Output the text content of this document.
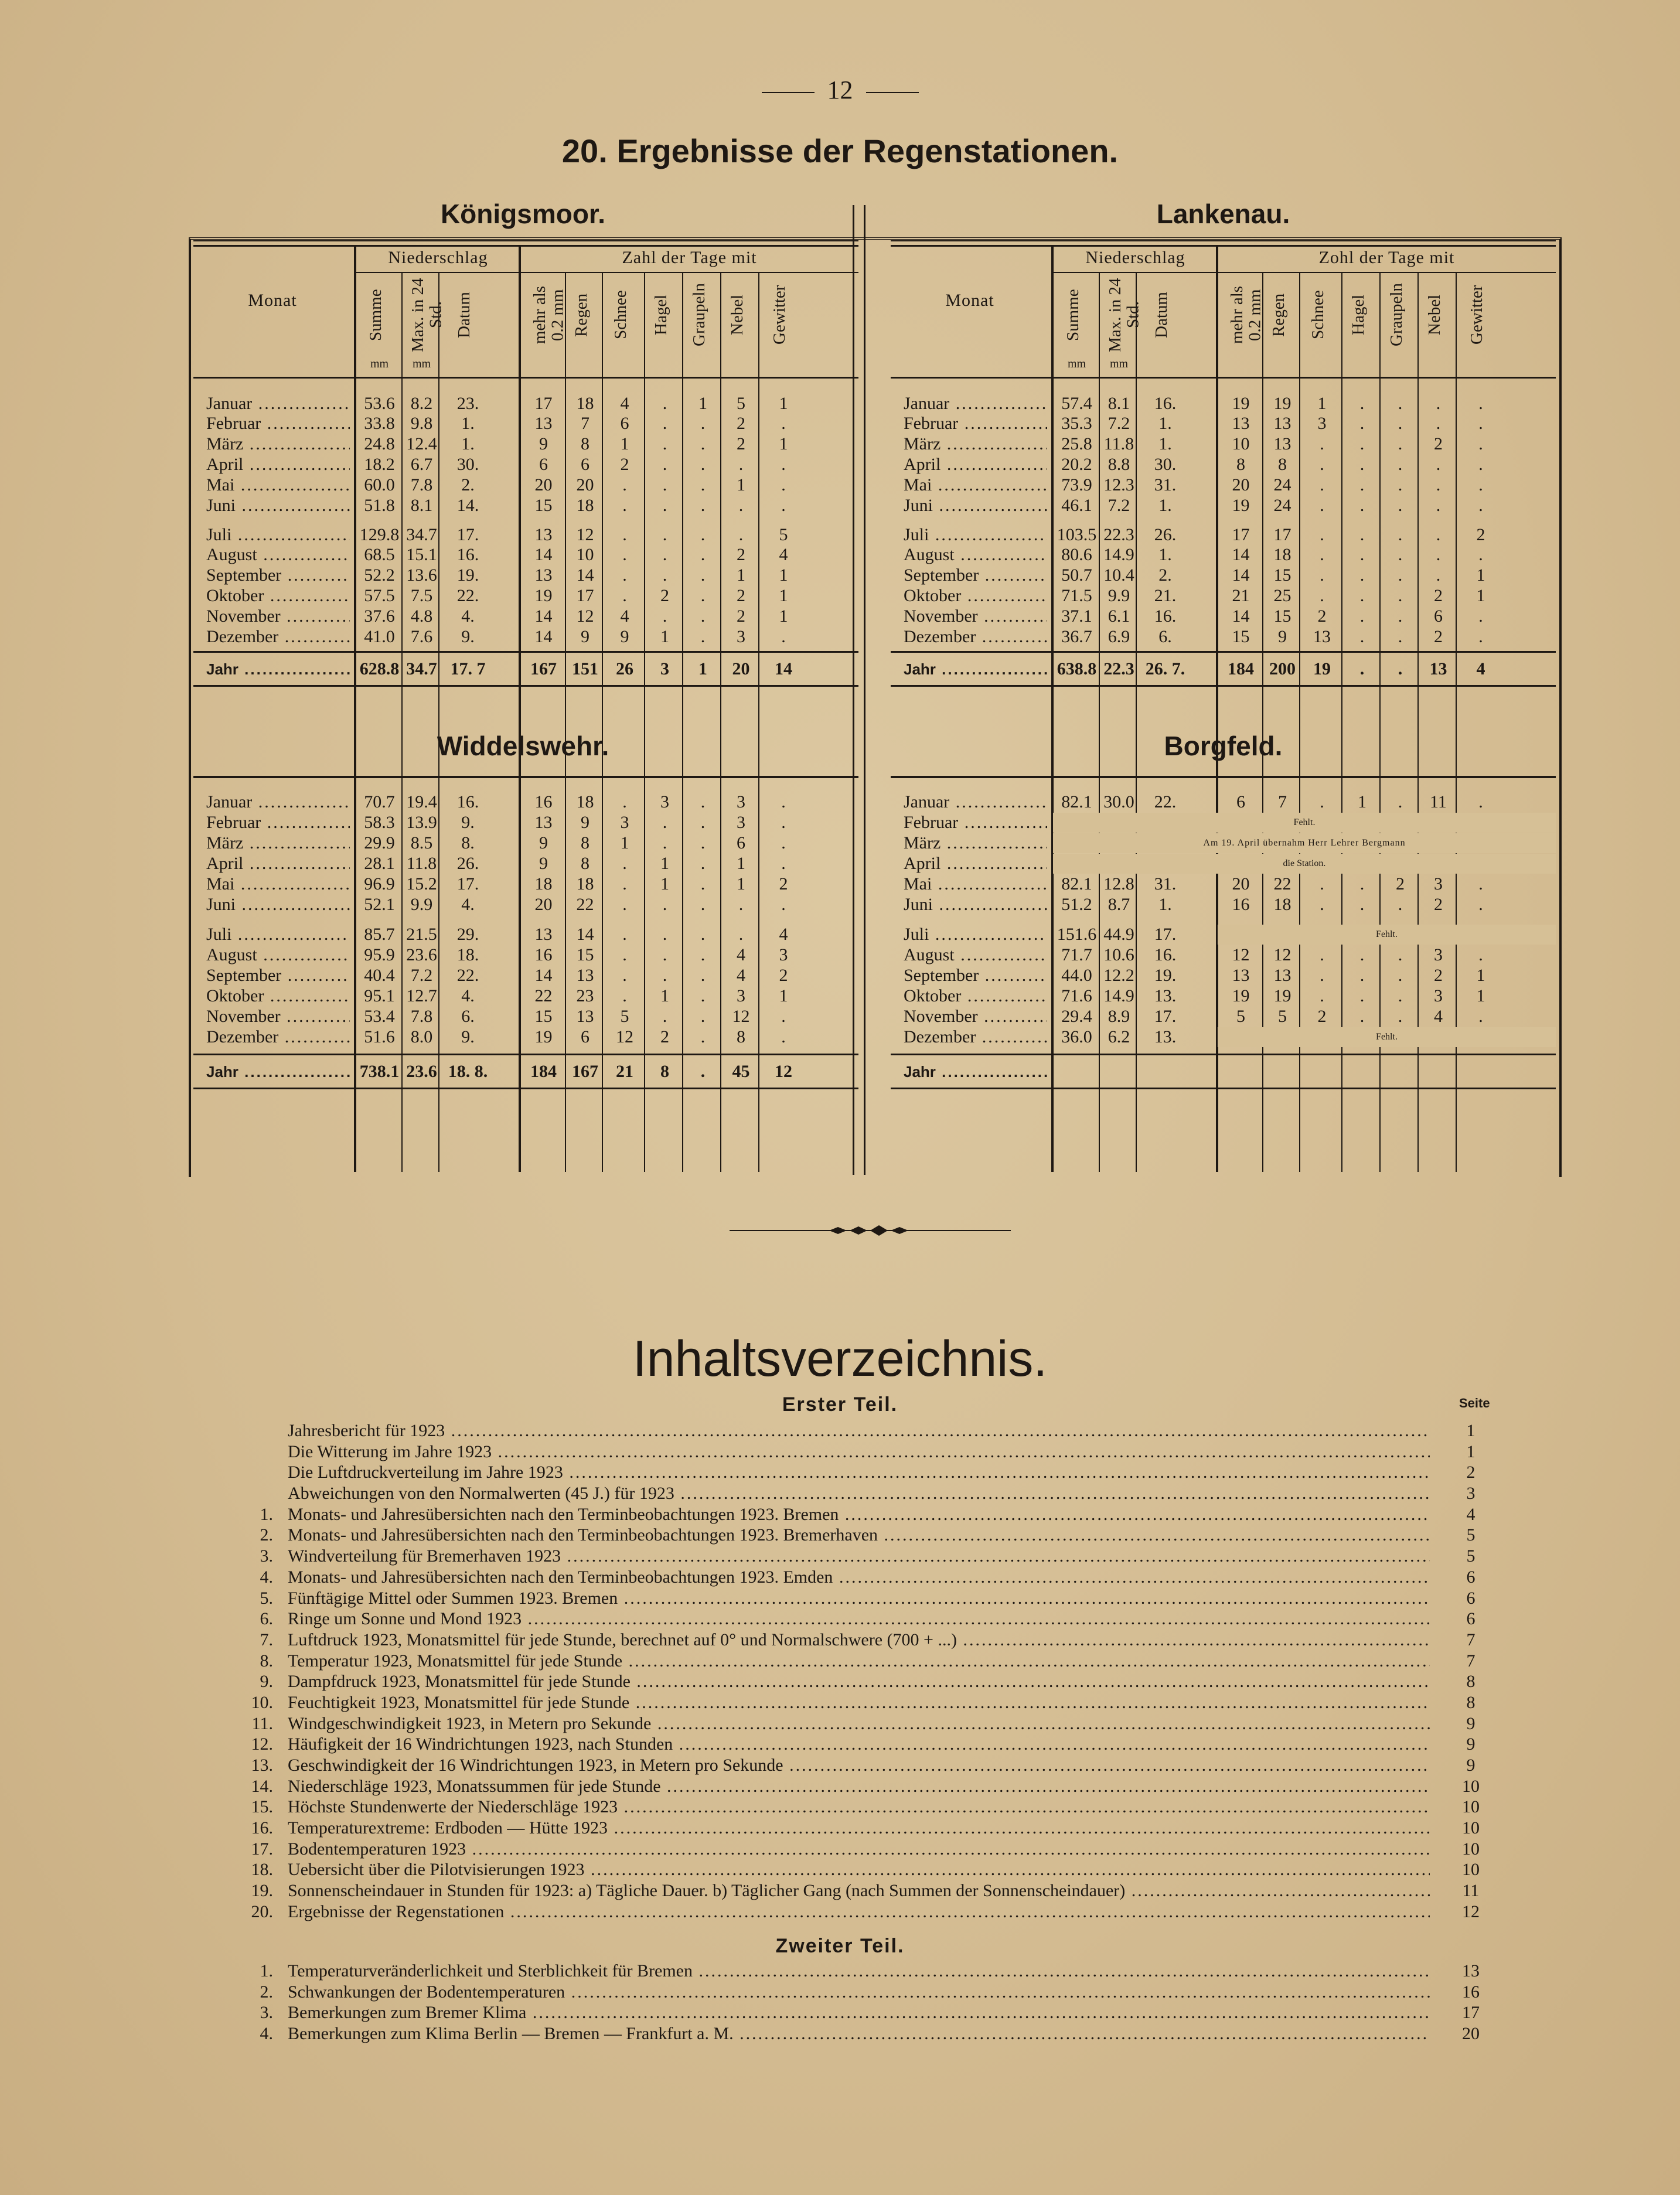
12
20. Ergebnisse der Regenstationen.
Königsmoor.
Monat
Niederschlag	Zahl der Tage mit
Summe
mm
Max. in 24 Std.
mm
Datum	mehr als 0.2 mm Regen	Schnee	Hagel	Graupeln	Nebel	Gewitter
Januar .....	53.6 8.2	23.	17	18	4	.	1	5	1
Februar .....	33.8 9.8	1.	13	7	6	.	.	2	.
März .....	24.8 12.4	1.	9	8	1	.	.	2	1
April .....	18.2 6.7	30.	6	6	2	.	.	.	.
Mai .....	60.0 7.8	2.	20	20	.	.	.	1	.
Juni .....	51.8 8.1	14.	15	18	.	.	.	.	.
Juli .....	129.8 34.7	17.	13	12	.	.	.	.	5
August .....	68.5 15.1	16.	14	10	.	.	.	2	4
September .....	52.2 13.6	19.	13	14	.	.	.	1	1
Oktober .....	57.5 7.5	22.	19	17	.	2	.	2	1
November .....	37.6 4.8	4.	14	12	4	.	.	2	1
Dezember .....	41.0 7.6	9.	14	9	9	1	.	3	.
Jahr .....	628.8 34.7 17. 7	167 151	26	3	1	20	14
Lankenau.
Monat
Niederschlag	Zohl der Tage mit
Summe
mm
Max. in 24 Std.
mm
Datum	mehr als 0.2 mm Regen	Schnee	Hagel	Graupeln	Nebel	Gewitter
Januar .....	57.4 8.1	16.	19	19	1	.	.	.	.
Februar .....	35.3 7.2	1.	13	13	3	.	.	.	.
März .....	25.8 11.8	1.	10	13	.	.	.	2	.
April .....	20.2 8.8	30.	8	8	.	.	.	.	.
Mai .....	73.9 12.3	31.	20	24	.	.	.	.	.
Juni .....	46.1 7.2	1.	19	24	.	.	.	.	.
Juli .....	103.5 22.3	26.	17	17	.	.	.	.	2
August .....	80.6 14.9	1.	14	18	.	.	.	.	.
September .....	50.7 10.4	2.	14	15	.	.	.	.	1
Oktober .....	71.5 9.9	21.	21	25	.	.	.	2	1
November .....	37.1 6.1	16.	14	15	2	.	.	6	.
Dezember .....	36.7 6.9	6.	15	9	13	.	.	2	.
Jahr .....	638.8 22.3 26. 7.	184 200	19	.	.	13	4
Widdelswehr.
Januar .....	70.7 19.4	16.	16	18	.	3	.	3	.
Februar .....	58.3 13.9	9.	13	9	3	.	.	3	.
März .....	29.9 8.5	8.	9	8	1	.	.	6	.
April .....	28.1 11.8	26.	9	8	.	1	.	1	.
Mai .....	96.9 15.2	17.	18	18	.	1	.	1	2
Juni .....	52.1 9.9	4.	20	22	.	.	.	.	.
Juli .....	85.7 21.5	29.	13	14	.	.	.	.	4
August .....	95.9 23.6	18.	16	15	.	.	.	4	3
September .....	40.4 7.2	22.	14	13	.	.	.	4	2
Oktober .....	95.1 12.7	4.	22	23	.	1	.	3	1
November .....	53.4 7.8	6.	15	13	5	.	.	12	.
Dezember .....	51.6 8.0	9.	19	6	12	2	.	8	.
Jahr .....	738.1 23.6 18. 8.	184 167	21	8	.	45	12
Borgfeld.
Januar .....	82.1 30.0	22.	6	7	.	1	.	11	.
Februar .....
März .....
April .....
Mai .....	82.1 12.8	31.	20	22	.	.	2	3	.
Juni .....	51.2 8.7	1.	16	18	.	.	.	2	.
Juli .....	151.6 44.9	17.
August .....	71.7 10.6	16.	12	12	.	.	.	3	.
September .....	44.0 12.2	19.	13	13	.	.	.	2	1
Oktober .....	71.6 14.9	13.	19	19	.	.	.	3	1
November .....	29.4 8.9	17.	5	5	2	.	.	4	.
Dezember .....	36.0 6.2	13.
Jahr .....
Fehlt.
Am 19. April übernahm Herr Lehrer Bergmann
die Station.
Fehlt.
Fehlt.
Inhaltsverzeichnis.
Erster Teil.	Seite
Jahresbericht für 1923 .....	1
Die Witterung im Jahre 1923 .....	1
Die Luftdruckverteilung im Jahre 1923 .....	2
Abweichungen von den Normalwerten (45 J.) für 1923 .....	3
1. Monats- und Jahresübersichten nach den Terminbeobachtungen 1923. Bremen .....	4
2. Monats- und Jahresübersichten nach den Terminbeobachtungen 1923. Bremerhaven .....	5
3. Windverteilung für Bremerhaven 1923 .....	5
4. Monats- und Jahresübersichten nach den Terminbeobachtungen 1923. Emden .....	6
5. Fünftägige Mittel oder Summen 1923. Bremen .....	6
6. Ringe um Sonne und Mond 1923 .....	6
7. Luftdruck 1923, Monatsmittel für jede Stunde, berechnet auf 0° und Normalschwere (700 + ...) .....	7
8. Temperatur 1923, Monatsmittel für jede Stunde .....	7
9. Dampfdruck 1923, Monatsmittel für jede Stunde .....	8
10. Feuchtigkeit 1923, Monatsmittel für jede Stunde .....	8
11. Windgeschwindigkeit 1923, in Metern pro Sekunde .....	9
12. Häufigkeit der 16 Windrichtungen 1923, nach Stunden .....	9
13. Geschwindigkeit der 16 Windrichtungen 1923, in Metern pro Sekunde .....	9
14. Niederschläge 1923, Monatssummen für jede Stunde .....	10
15. Höchste Stundenwerte der Niederschläge 1923 .....	10
16. Temperaturextreme: Erdboden — Hütte 1923 .....	10
17. Bodentemperaturen 1923 .....	10
18. Uebersicht über die Pilotvisierungen 1923 .....	10
19. Sonnenscheindauer in Stunden für 1923: a) Tägliche Dauer. b) Täglicher Gang (nach Summen der Sonnenscheindauer) .....	11
20. Ergebnisse der Regenstationen .....	12
Zweiter Teil.
1. Temperaturveränderlichkeit und Sterblichkeit für Bremen .....	13
2. Schwankungen der Bodentemperaturen .....	16
3. Bemerkungen zum Bremer Klima .....	17
4. Bemerkungen zum Klima Berlin — Bremen — Frankfurt a. M. .....	20
